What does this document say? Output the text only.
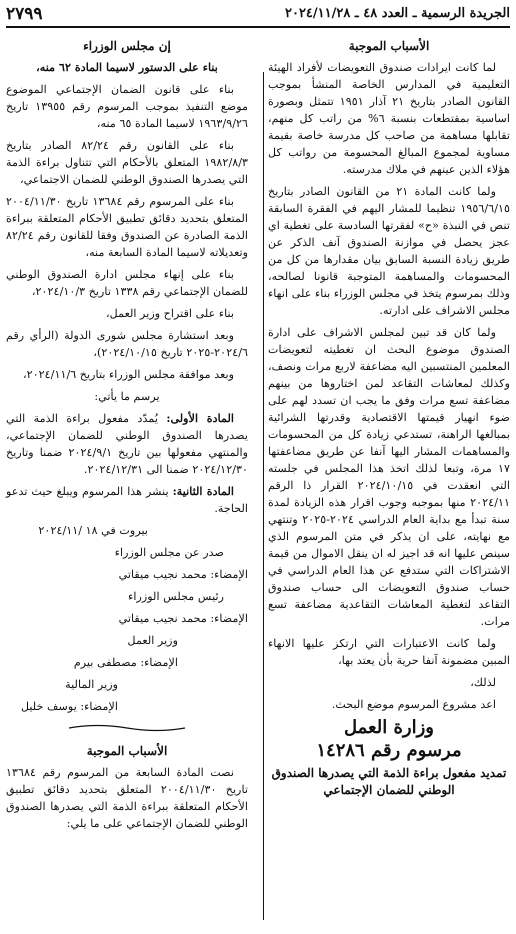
الجريدة الرسمية ـ العدد ٤٨ ـ ٢٠٢٤/١١/٢٨
٢٧٩٩

الأسباب الموجبة

لما كانت ايرادات صندوق التعويضات لأفراد الهيئة التعليمية في المدارس الخاصة المنشأ بموجب القانون الصادر بتاريخ ٢١ آذار ١٩٥١ تتمثل وبصورة اساسية بمقتطعات بنسبة ٦% من راتب كل منهم، تقابلها مساهمة من صاحب كل مدرسة خاصة بقيمة مساوية لمجموع المبالغ المحسومة من رواتب كل هؤلاء الذين عينهم في ملاك مدرسته.

ولما كانت المادة ٢١ من القانون الصادر بتاريخ ١٩٥٦/٦/١٥ تنظيما للمشار اليهم في الفقرة السابقة تنص في النبذة «ح» لفقرتها السادسة على تغطية اي عجز يحصل في موازنة الصندوق آنف الذكر عن طريق زيادة النسبة السابق بيان مقدارها من كل من المحسومات والمساهمة المتوجبة قانونا لصالحه، وذلك بمرسوم يتخذ في مجلس الوزراء بناء على انهاء مجلس الاشراف على ادارته.

ولما كان قد تبين لمجلس الاشراف على ادارة الصندوق موضوع البحث ان تغطيته لتعويضات المعلمين المنتسبين اليه مضاعفة لاربع مرات ونصف، وكذلك لمعاشات التقاعد لمن اختاروها من بينهم مضاعفة تسع مرات وفق ما يجب ان تسدد لهم على ضوء انهيار قيمتها الاقتصادية وقدرتها الشرائية بمبالغها الراهنة، تستدعي زيادة كل من المحسومات والمساهمات المشار اليها آنفا عن طريق مضاعفتها ١٧ مرة، وتبعا لذلك اتخذ هذا المجلس في جلسته التي انعقدت في ٢٠٢٤/١٠/١٥ القرار ذا الرقم ٢٠٢٤/١١ منها بموجبه وجوب اقرار هذه الزيادة لمدة سنة تبدأ مع بداية العام الدراسي ٢٠٢٤-٢٠٢٥ وتنتهي مع نهايته، على ان يذكر في متن المرسوم الذي سينص عليها انه قد اجيز له ان ينقل الاموال من قيمة الاشتراكات التي ستدفع عن هذا العام الدراسي في حساب صندوق التعويضات الى حساب صندوق التقاعد لتغطية المعاشات التقاعدية مضاعفة تسع مرات.

ولما كانت الاعتبارات التي ارتكز عليها الانهاء المبين مضمونة آنفا حرية بأن يعتد بها،

لذلك،

اعد مشروع المرسوم موضع البحث.

وزارة العمل

مرسوم رقم ١٤٢٨٦

تمديد مفعول براءة الذمة التي يصدرها الصندوق الوطني للضمان الإجتماعي

إن مجلس الوزراء

بناء على الدستور لاسيما المادة ٦٢ منه،

بناء على قانون الضمان الإجتماعي الموضوع موضع التنفيذ بموجب المرسوم رقم ١٣٩٥٥ تاريخ ١٩٦٣/٩/٢٦ لاسيما المادة ٦٥ منه،

بناء على القانون رقم ٨٢/٢٤ الصادر بتاريخ ١٩٨٢/٨/٣ المتعلق بالأحكام التي تتناول براءة الذمة التي يصدرها الصندوق الوطني للضمان الاجتماعي،

بناء على المرسوم رقم ١٣٦٨٤ تاريخ ٢٠٠٤/١١/٣٠ المتعلق بتحديد دقائق تطبيق الأحكام المتعلقة ببراءة الذمة الصادرة عن الصندوق وفقا للقانون رقم ٨٢/٢٤ وتعديلاته لاسيما المادة السابعة منه،

بناء على إنهاء مجلس ادارة الصندوق الوطني للضمان الإجتماعي رقم ١٣٣٨ تاريخ ٢٠٢٤/١٠/٣،

بناء على اقتراح وزير العمل،

وبعد استشارة مجلس شورى الدولة (الرأي رقم ٢٠٢٤/٦-٢٠٢٥ تاريخ ٢٠٢٤/١٠/١٥)،

وبعد موافقة مجلس الوزراء بتاريخ ٢٠٢٤/١١/٦،

يرسم ما يأتي:

المادة الأولى: يُمدّد مفعول براءة الذمة التي يصدرها الصندوق الوطني للضمان الإجتماعي، والمنتهي مفعولها بين تاريخ ٢٠٢٤/٩/١ ضمنا وتاريخ ٢٠٢٤/١٢/٣٠ ضمنا الى ٢٠٢٤/١٢/٣١.

المادة الثانية: ينشر هذا المرسوم ويبلغ حيث تدعو الحاجة.

بيروت في ١٨ /٢٠٢٤/١١

صدر عن مجلس الوزراء

الإمضاء: محمد نجيب ميقاتي

رئيس مجلس الوزراء

الإمضاء: محمد نجيب ميقاتي

وزير العمل

الإمضاء: مصطفى بيرم

وزير المالية

الإمضاء: يوسف خليل

الأسباب الموجبة

نصت المادة السابعة من المرسوم رقم ١٣٦٨٤ تاريخ ٢٠٠٤/١١/٣٠ المتعلق بتحديد دقائق تطبيق الأحكام المتعلقة ببراءة الذمة التي يصدرها الصندوق الوطني للضمان الإجتماعي على ما يلي:
